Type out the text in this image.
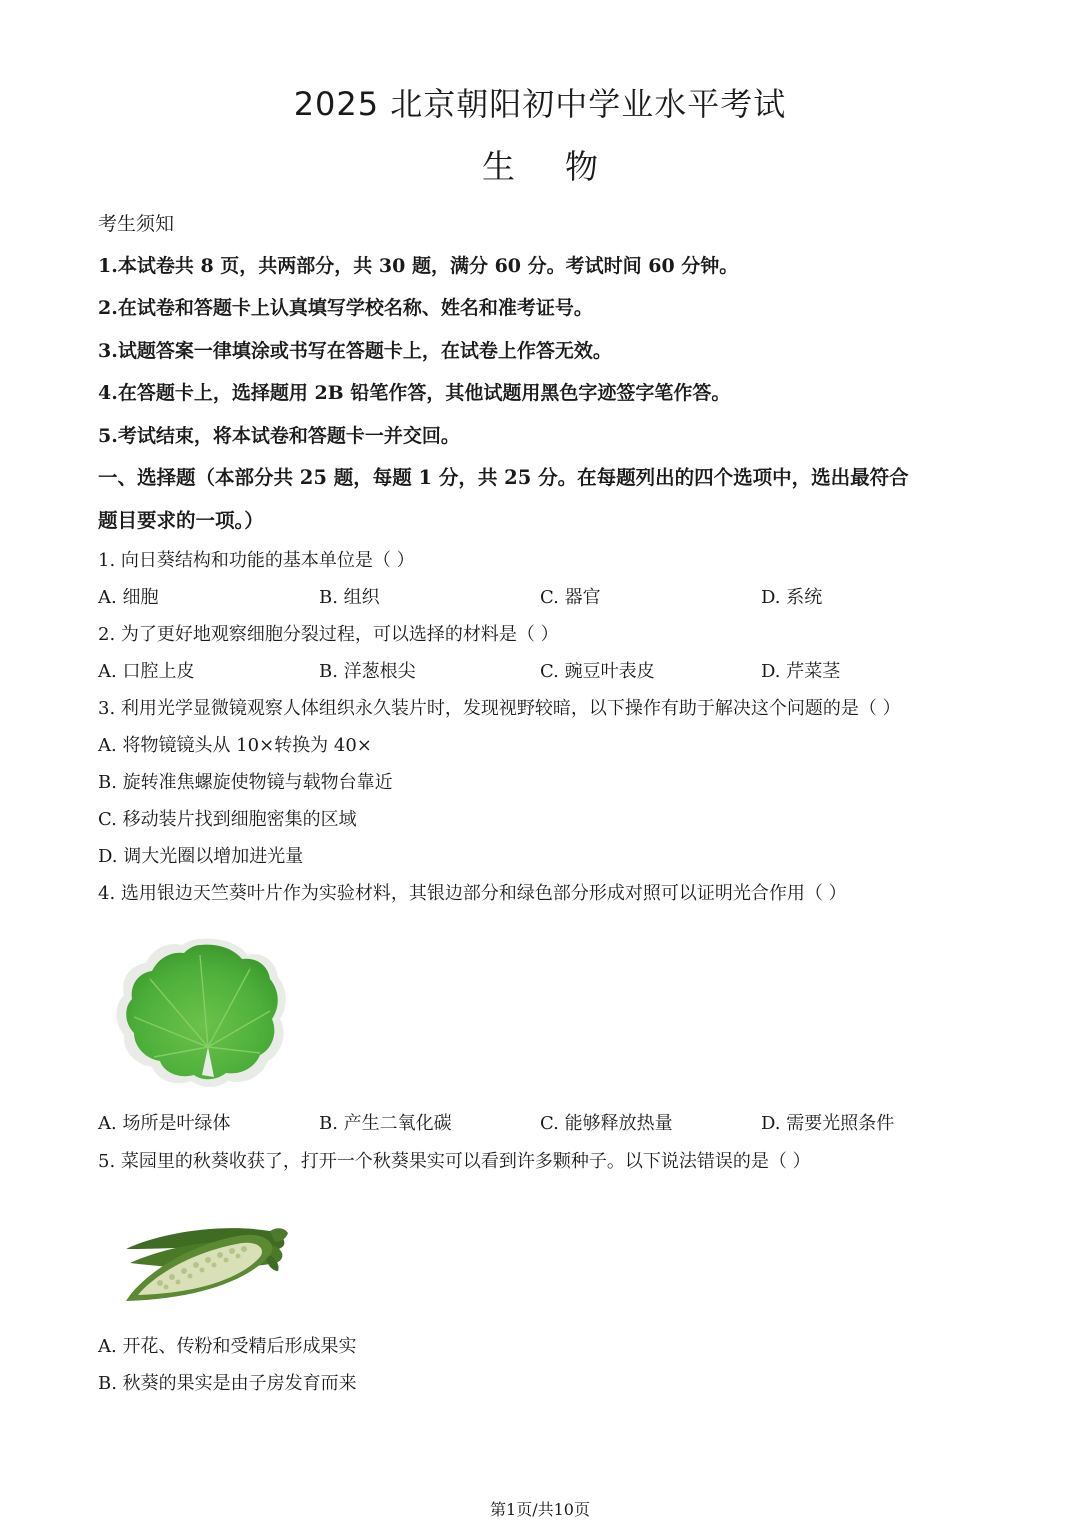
2025 北京朝阳初中学业水平考试
生 物
考生须知
1.本试卷共 8 页，共两部分，共 30 题，满分 60 分。考试时间 60 分钟。
2.在试卷和答题卡上认真填写学校名称、姓名和准考证号。
3.试题答案一律填涂或书写在答题卡上，在试卷上作答无效。
4.在答题卡上，选择题用 2B 铅笔作答，其他试题用黑色字迹签字笔作答。
5.考试结束，将本试卷和答题卡一并交回。
一、选择题（本部分共 25 题，每题 1 分，共 25 分。在每题列出的四个选项中，选出最符合
题目要求的一项。）
1. 向日葵结构和功能的基本单位是（ ）
A. 细胞	B. 组织	C. 器官	D. 系统
2. 为了更好地观察细胞分裂过程，可以选择的材料是（ ）
A. 口腔上皮	B. 洋葱根尖	C. 豌豆叶表皮	D. 芹菜茎
3. 利用光学显微镜观察人体组织永久装片时，发现视野较暗，以下操作有助于解决这个问题的是（ ）
A. 将物镜镜头从 10×转换为 40×
B. 旋转准焦螺旋使物镜与载物台靠近
C. 移动装片找到细胞密集的区域
D. 调大光圈以增加进光量
4. 选用银边天竺葵叶片作为实验材料，其银边部分和绿色部分形成对照可以证明光合作用（ ）
A. 场所是叶绿体	B. 产生二氧化碳	C. 能够释放热量	D. 需要光照条件
5. 菜园里的秋葵收获了，打开一个秋葵果实可以看到许多颗种子。以下说法错误的是（ ）
A. 开花、传粉和受精后形成果实
B. 秋葵的果实是由子房发育而来
第1页/共10页
